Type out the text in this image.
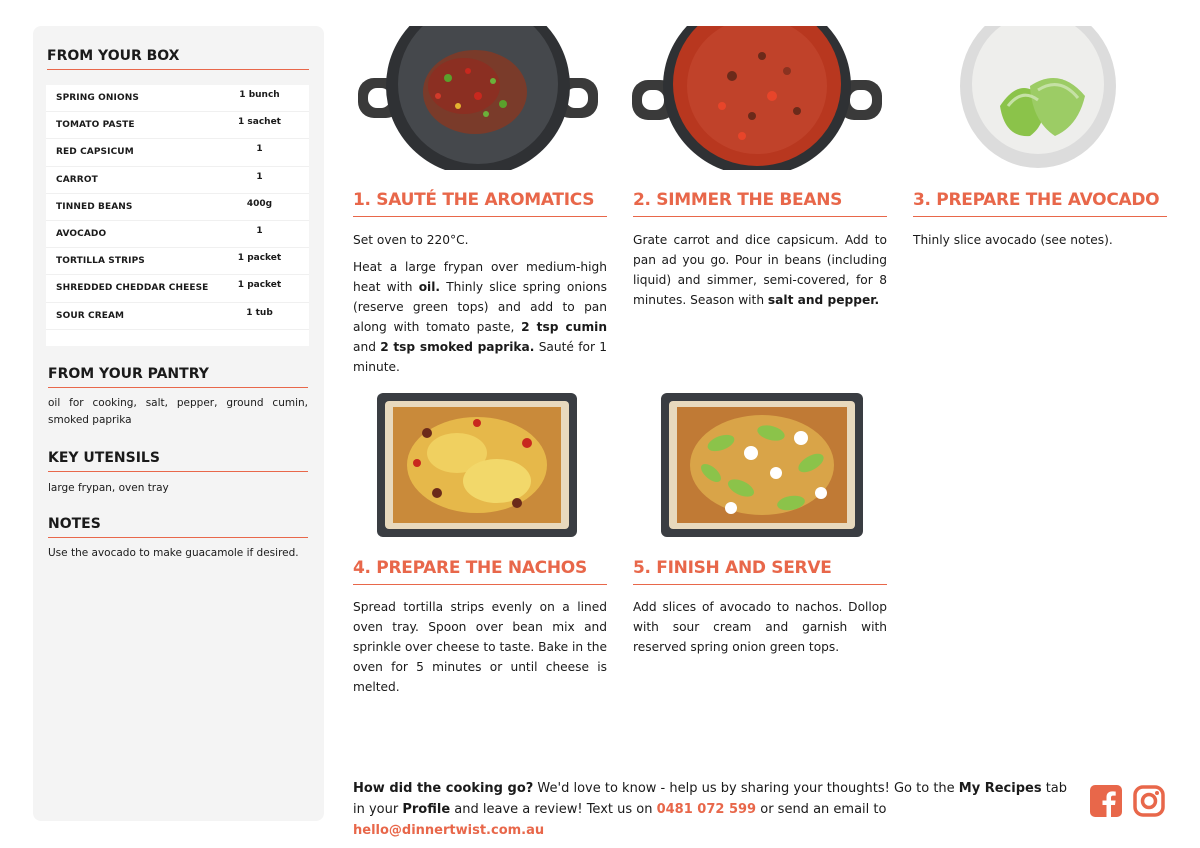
FROM YOUR BOX
SPRING ONIONS	1 bunch
TOMATO PASTE	1 sachet
RED CAPSICUM	1
CARROT	1
TINNED BEANS	400g
AVOCADO	1
TORTILLA STRIPS	1 packet
SHREDDED CHEDDAR CHEESE	1 packet
SOUR CREAM	1 tub
FROM YOUR PANTRY
oil for cooking, salt, pepper, ground cumin, smoked paprika
KEY UTENSILS
large frypan, oven tray
NOTES
Use the avocado to make guacamole if desired.
1. SAUTÉ THE AROMATICS

Set oven to 220°C.

Heat a large frypan over medium-high heat with oil. Thinly slice spring onions (reserve green tops) and add to pan along with tomato paste, 2 tsp cumin and 2 tsp smoked paprika. Sauté for 1 minute.

2. SIMMER THE BEANS

Grate carrot and dice capsicum. Add to pan ad you go. Pour in beans (including liquid) and simmer, semi-covered, for 8 minutes. Season with salt and pepper.

3. PREPARE THE AVOCADO

Thinly slice avocado (see notes).

4. PREPARE THE NACHOS

Spread tortilla strips evenly on a lined oven tray. Spoon over bean mix and sprinkle over cheese to taste. Bake in the oven for 5 minutes or until cheese is melted.

5. FINISH AND SERVE

Add slices of avocado to nachos. Dollop with sour cream and garnish with reserved spring onion green tops.

How did the cooking go? We'd love to know - help us by sharing your thoughts! Go to the My Recipes tab in your Profile and leave a review! Text us on 0481 072 599 or send an email to hello@dinnertwist.com.au
